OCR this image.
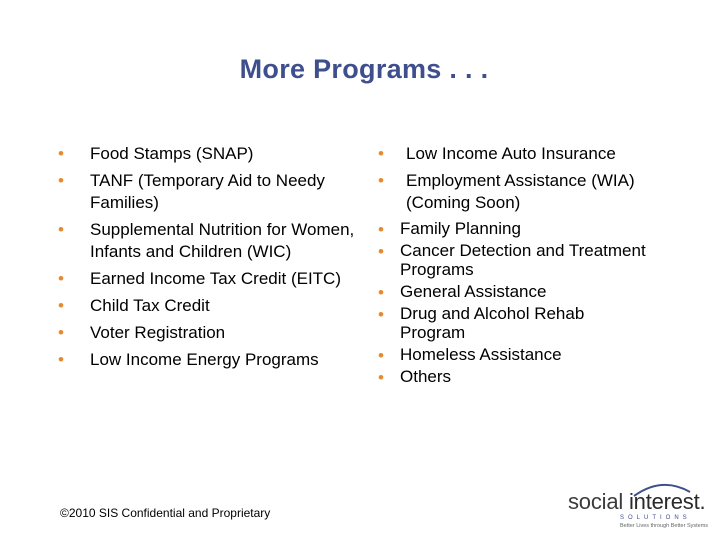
More Programs . . .
• Food Stamps (SNAP)
• TANF (Temporary Aid to Needy Families)
• Supplemental Nutrition for Women, Infants and Children (WIC)
• Earned Income Tax Credit (EITC)
• Child Tax Credit
• Voter Registration
• Low Income Energy Programs
• Low Income Auto Insurance
• Employment Assistance (WIA) (Coming Soon)
• Family Planning
• Cancer Detection and Treatment Programs
• General Assistance
• Drug and Alcohol Rehab Program
• Homeless Assistance
• Others
©2010 SIS Confidential and Proprietary	social interest.
SOLUTIONS
Better Lives through Better Systems
